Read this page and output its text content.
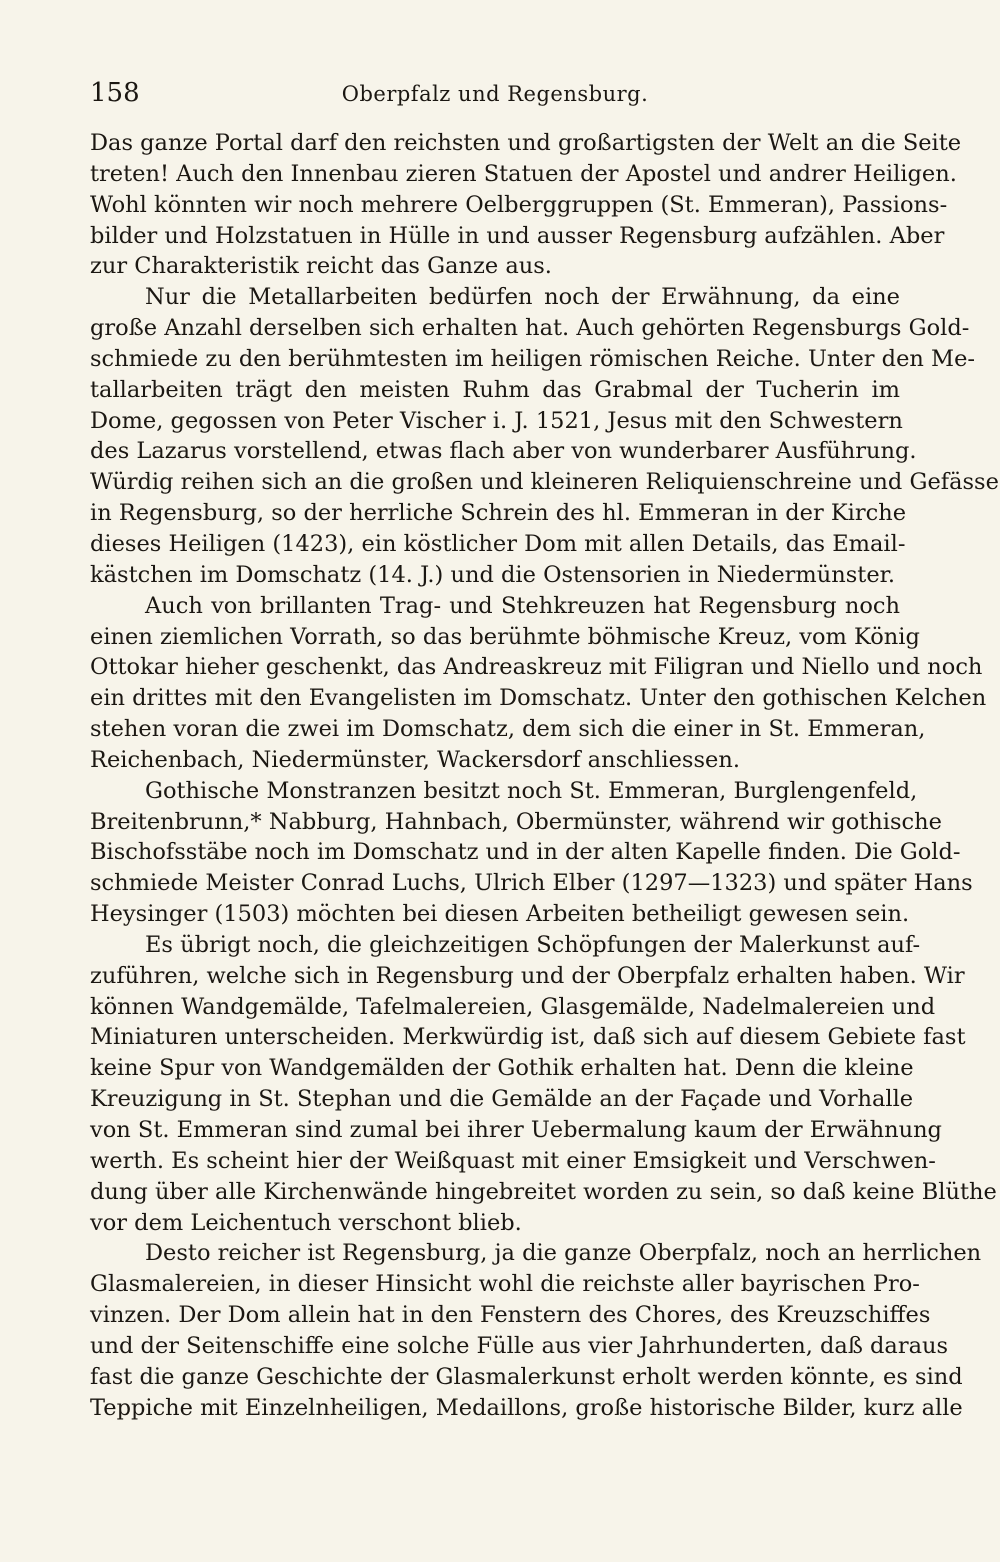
158	Oberpfalz und Regensburg.
Das ganze Portal darf den reichsten und großartigsten der Welt an die Seite
treten! Auch den Innenbau zieren Statuen der Apostel und andrer Heiligen.
Wohl könnten wir noch mehrere Oelberggruppen (St. Emmeran), Passions-
bilder und Holzstatuen in Hülle in und ausser Regensburg aufzählen. Aber
zur Charakteristik reicht das Ganze aus.
Nur die Metallarbeiten bedürfen noch der Erwähnung, da eine
große Anzahl derselben sich erhalten hat. Auch gehörten Regensburgs Gold-
schmiede zu den berühmtesten im heiligen römischen Reiche. Unter den Me-
tallarbeiten trägt den meisten Ruhm das Grabmal der Tucherin im
Dome, gegossen von Peter Vischer i. J. 1521, Jesus mit den Schwestern
des Lazarus vorstellend, etwas flach aber von wunderbarer Ausführung.
Würdig reihen sich an die großen und kleineren Reliquienschreine und Gefässe
in Regensburg, so der herrliche Schrein des hl. Emmeran in der Kirche
dieses Heiligen (1423), ein köstlicher Dom mit allen Details, das Email-
kästchen im Domschatz (14. J.) und die Ostensorien in Niedermünster.
Auch von brillanten Trag- und Stehkreuzen hat Regensburg noch
einen ziemlichen Vorrath, so das berühmte böhmische Kreuz, vom König
Ottokar hieher geschenkt, das Andreaskreuz mit Filigran und Niello und noch
ein drittes mit den Evangelisten im Domschatz. Unter den gothischen Kelchen
stehen voran die zwei im Domschatz, dem sich die einer in St. Emmeran,
Reichenbach, Niedermünster, Wackersdorf anschliessen.
Gothische Monstranzen besitzt noch St. Emmeran, Burglengenfeld,
Breitenbrunn,* Nabburg, Hahnbach, Obermünster, während wir gothische
Bischofsstäbe noch im Domschatz und in der alten Kapelle finden. Die Gold-
schmiede Meister Conrad Luchs, Ulrich Elber (1297—1323) und später Hans
Heysinger (1503) möchten bei diesen Arbeiten betheiligt gewesen sein.
Es übrigt noch, die gleichzeitigen Schöpfungen der Malerkunst auf-
zuführen, welche sich in Regensburg und der Oberpfalz erhalten haben. Wir
können Wandgemälde, Tafelmalereien, Glasgemälde, Nadelmalereien und
Miniaturen unterscheiden. Merkwürdig ist, daß sich auf diesem Gebiete fast
keine Spur von Wandgemälden der Gothik erhalten hat. Denn die kleine
Kreuzigung in St. Stephan und die Gemälde an der Façade und Vorhalle
von St. Emmeran sind zumal bei ihrer Uebermalung kaum der Erwähnung
werth. Es scheint hier der Weißquast mit einer Emsigkeit und Verschwen-
dung über alle Kirchenwände hingebreitet worden zu sein, so daß keine Blüthe
vor dem Leichentuch verschont blieb.
Desto reicher ist Regensburg, ja die ganze Oberpfalz, noch an herrlichen
Glasmalereien, in dieser Hinsicht wohl die reichste aller bayrischen Pro-
vinzen. Der Dom allein hat in den Fenstern des Chores, des Kreuzschiffes
und der Seitenschiffe eine solche Fülle aus vier Jahrhunderten, daß daraus
fast die ganze Geschichte der Glasmalerkunst erholt werden könnte, es sind
Teppiche mit Einzelnheiligen, Medaillons, große historische Bilder, kurz alle
